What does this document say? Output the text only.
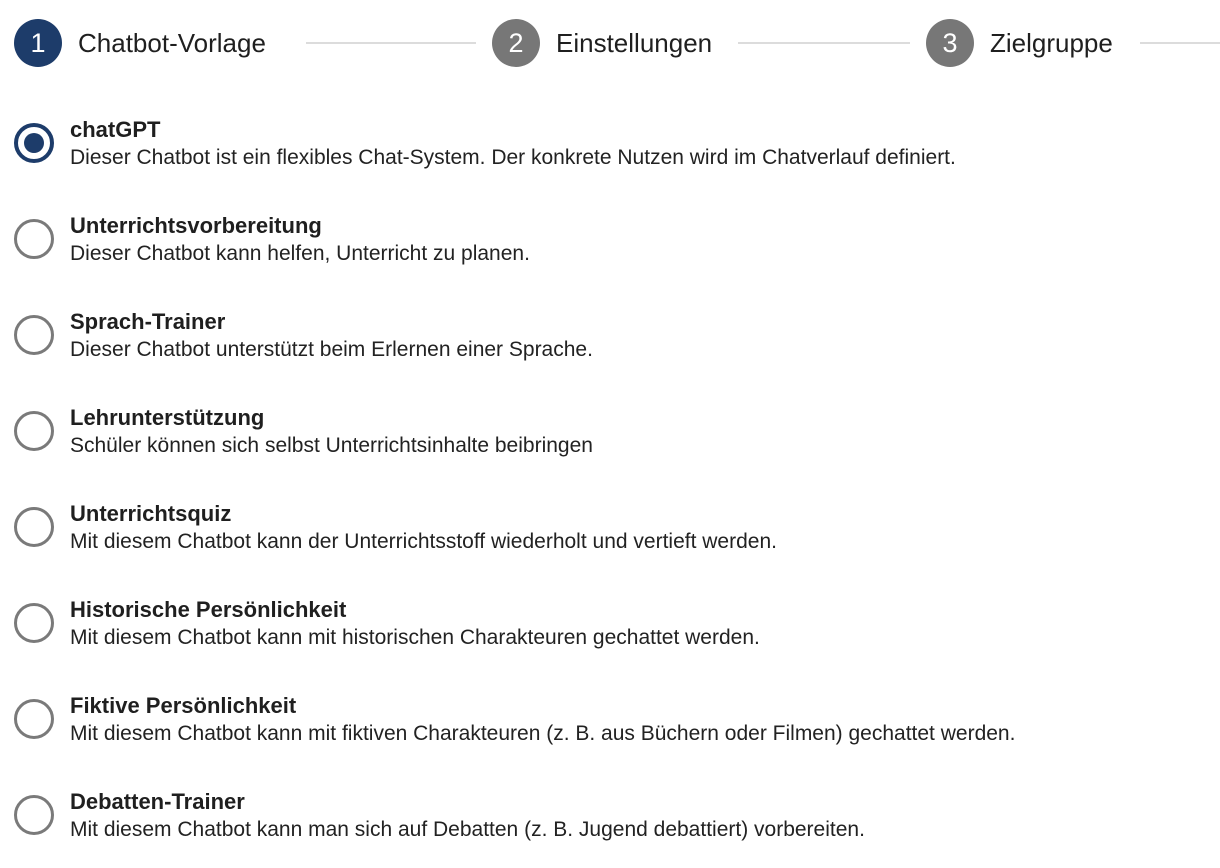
1	Chatbot-Vorlage	2	Einstellungen	3	Zielgruppe
chatGPT
Dieser Chatbot ist ein flexibles Chat-System. Der konkrete Nutzen wird im Chatverlauf definiert.
Unterrichtsvorbereitung
Dieser Chatbot kann helfen, Unterricht zu planen.
Sprach-Trainer
Dieser Chatbot unterstützt beim Erlernen einer Sprache.
Lehrunterstützung
Schüler können sich selbst Unterrichtsinhalte beibringen
Unterrichtsquiz
Mit diesem Chatbot kann der Unterrichtsstoff wiederholt und vertieft werden.
Historische Persönlichkeit
Mit diesem Chatbot kann mit historischen Charakteuren gechattet werden.
Fiktive Persönlichkeit
Mit diesem Chatbot kann mit fiktiven Charakteuren (z. B. aus Büchern oder Filmen) gechattet werden.
Debatten-Trainer
Mit diesem Chatbot kann man sich auf Debatten (z. B. Jugend debattiert) vorbereiten.
